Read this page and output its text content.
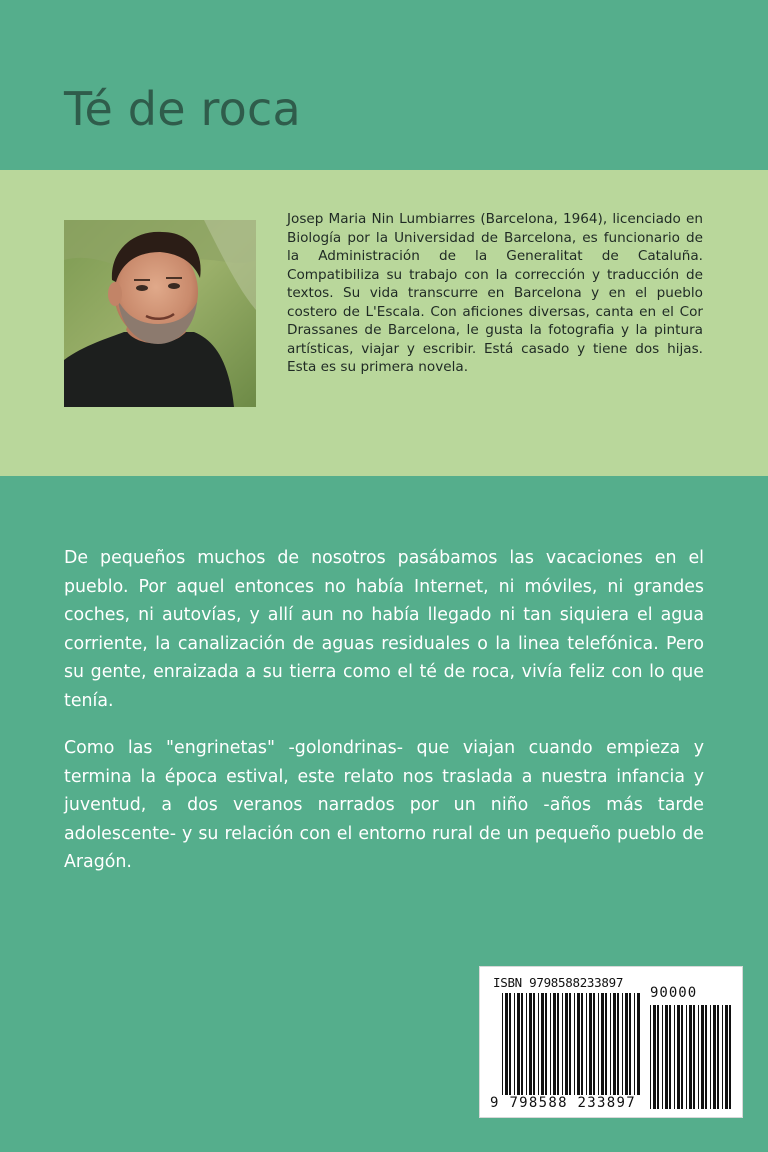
Té de roca
Josep Maria Nin Lumbiarres (Barcelona, 1964), licenciado en Biología por la Universidad de Barcelona, es funcionario de la Administración de la Generalitat de Cataluña. Compatibiliza su trabajo con la corrección y traducción de textos. Su vida transcurre en Barcelona y en el pueblo costero de L'Escala. Con aficiones diversas, canta en el Cor Drassanes de Barcelona, le gusta la fotografia y la pintura artísticas, viajar y escribir. Está casado y tiene dos hijas. Esta es su primera novela.

De pequeños muchos de nosotros pasábamos las vacaciones en el pueblo. Por aquel entonces no había Internet, ni móviles, ni grandes coches, ni autovías, y allí aun no había llegado ni tan siquiera el agua corriente, la canalización de aguas residuales o la linea telefónica. Pero su gente, enraizada a su tierra como el té de roca, vivía feliz con lo que tenía.

Como las "engrinetas" -golondrinas- que viajan cuando empieza y termina la época estival, este relato nos traslada a nuestra infancia y juventud, a dos veranos narrados por un niño -años más tarde adolescente- y su relación con el entorno rural de un pequeño pueblo de Aragón.

ISBN 9798588233897
90000
9 798588 233897
